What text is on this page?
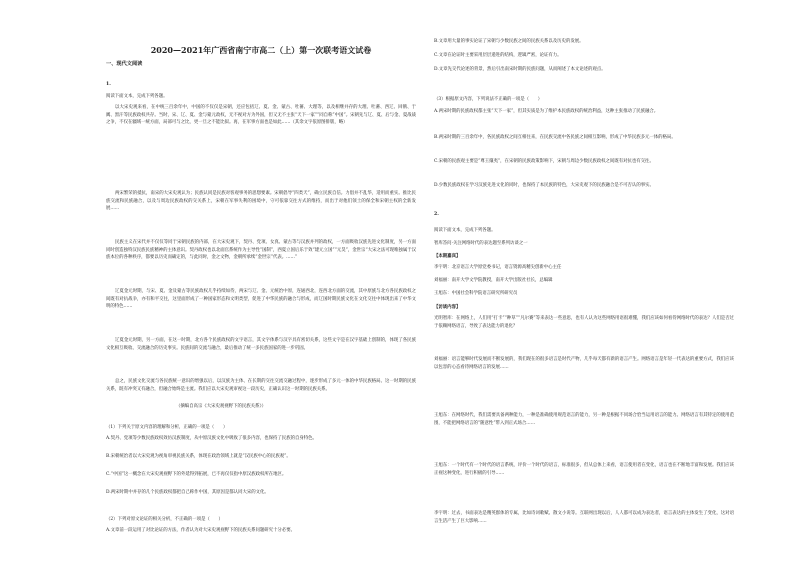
2020—2021年广西省南宁市高二（上）第一次联考语文试卷
一、现代文阅读
1.
阅读下面文本，完成下列各题。
以大宋史观来看，在中统三百余年中，中国的不仅仅是宋朝，还应包括辽、夏、金、蒙古、吐蕃、大理等，以及相继并存的大理、吐蕃、西辽、回鹘、于阗、黑汗等民族政权共存。当时，宋、辽、夏、金与蒙元政权，无不视对方为外国，但又无不主张“天下一家”“同自称”中国”。宋朝先与辽、夏、后与金、夏战战之争，不仅在疆域一统方面，局部可与之比，更一旦之不能比拟。再，在军事方面也是如此……（其余文字依原图排版，略）
两宋繁荣的抵抗，南宋的大宋史观认为；民族认同是民族对客观事务的思想要素。宋朝倡导“四类天”，确立民族自信。力倡并不乱华，适用而重实。推比民族交流和民族融合，以及与周边民族政权的交关系上，宋朝在军事失利的困境中，守可依靠交往方式的维持，而出于对他们领土的保全和宋朝主权的全新发展……
民族主义在宋代并不仅仅等同于宋朝民族的内部，在大宋史观下，契丹、党项、女真、蒙古等与汉族并列的政权，一方面吸收汉族先进文化制度，另一方面同时创造独特汉民族民族精神的主体意识。契丹政权也以北面官系统作为主导性“国制”，西夏立国后乐于效“建元立国”“元昊”，金世宗“大宋之法可现唯独属于汉族本位的各种秩序，都要以历史而确定的，与此同时，金之文物，金朝所承续“金世宗”代表。……”
辽夏金元时期，与宋、夏、金及蒙古等民族政权几乎持续如待，两宋与辽、金、元统治中原，连通西北，连西北方面的交流，其中原族与北方各民族政权之间既有对抗战争，亦有和平交往，这里面形成了一种国家形态和文明类型，促进了中华民族的融合与形成，而辽国时期民族文化在文化交往中体现出来了中华文明的特色……
辽夏金元时期，另一方面，在这一时期，北方各个民族政权的文字语言，其文字体系与汉字具有密切关系，这些文字是在汉字基础上创制的，体现了各民族文化相互吸收、交流融合的历史事实。民族间的交流与融合，最后推动了统一多民族国家的进一步巩固。
总之，民族文化交流与各民族统一意识的增强以后，以汉族为主体、在长期的交往交流交融过程中，逐步形成了多元一体的中华民族格局。这一时期的民族关系，既有冲突又有融合，但融合始终是主流。我们应以大宋史观审视这一段历史，正确认识这一时期的民族关系。
（摘编自高宗《大宋史观视野下的民族关系》）
（1）下列关于原文内容的理解和分析，正确的一项是（　　）
A.契丹、党项等少数民族政权效仿汉族制度，从中原汉族文化中吸收了很多内容，也保持了民族的自身特色。
B.宋朝统治者以大宋史观为视角审视民族关系，体现在政治领域上就是“汉民族中心的民族观”。
C.“中国”这一概念在大宋史观视野下的外延得到拓展，已不再仅仅指中原汉族政权所在地区。
D.两宋时期中并存的几个民族政权都把自己称作中国，其原因是都认同大宋的文化。
（2）下列对原文论证的相关分析，不正确的一项是（　　）
A.文章前一段运用了对比论证的方法，作者认为对大宋史观视野下的民族关系问题研究十分必要。
B.文章用大量的事实论证了宋朝与少数民族之间的民族关系以及历史的发展。
C.文章在论证时主要采用层层递进的结构，逻辑严密，论证有力。
D.文章先交代论述的背景，然后引出南宋时期的民族问题，从而阐述了本文论述的观点。
（3）根据原文内容，下列说法不正确的一项是（　　）
A.两宋时期的民族政权都主张“天下一家”，但其实质是为了维护本民族政权的统治利益，这种主张推动了民族融合。
B.两宋时期的三百余年中，各民族政权之间互相往来，在民族交流中各民族之间相互影响，形成了中华民族多元一体的格局。
C.宋朝的民族观主要是“尊王攘夷”，在宋朝的民族政策影响下，宋朝与周边少数民族政权之间既有对抗也有交往。
D.少数民族政权在学习汉族先进文化的同时，也保持了本民族的特色，大宋史观下的民族融合是不可否认的事实。
2.
阅读下面文本，完成下列各题。
智库答问·关注网络时代的表达题至系列访谈之一
【本期嘉宾】
李宇明：北京语言大学原党委书记，语言资源高精尖创新中心主任
刘福丽：南开大学文学院教授，南开大学出版社社长，总编辑
王旭东：中国社会科学院语言研究所研究员
【访谈内容】
光明智库：在网络上，人们用“打卡”“种草”“凡尔赛”等来表达一些意思，也有人认为这些网络用语很难懂，我们应该如何看待网络时代的表达？人们是否过于依赖网络语言，导致了表达能力的退化？
刘福丽：语言能够时代发展而不断发展的，我们现在的很多语言是时代产物，几乎每天都有新的语言产生。网络语言是年轻一代表达的重要方式，我们应该以包容的心态看待网络语言的发展……
王旭东：在网络时代，我们需要具备两种能力，一种是准确使用规范语言的能力，另一种是根据不同场合恰当运用语言的能力。网络语言有其特定的使用范围，不能把网络语言的“随意性”带入到正式场合……
王旭东：一个时代有一个时代的语言系统，评价一个时代的语言，标准很多，但从总体上来看，语言使用者在变化，语言也在不断地丰富和发展。我们应该正视这种变化，进行积极的引导……
李宇明：过去，书面表达是精英群体的专属，比如诗词歌赋、散文小说等。互联网出现以后，人人都可以成为表达者，语言表达的主体发生了变化，这对语言生活产生了巨大影响……
